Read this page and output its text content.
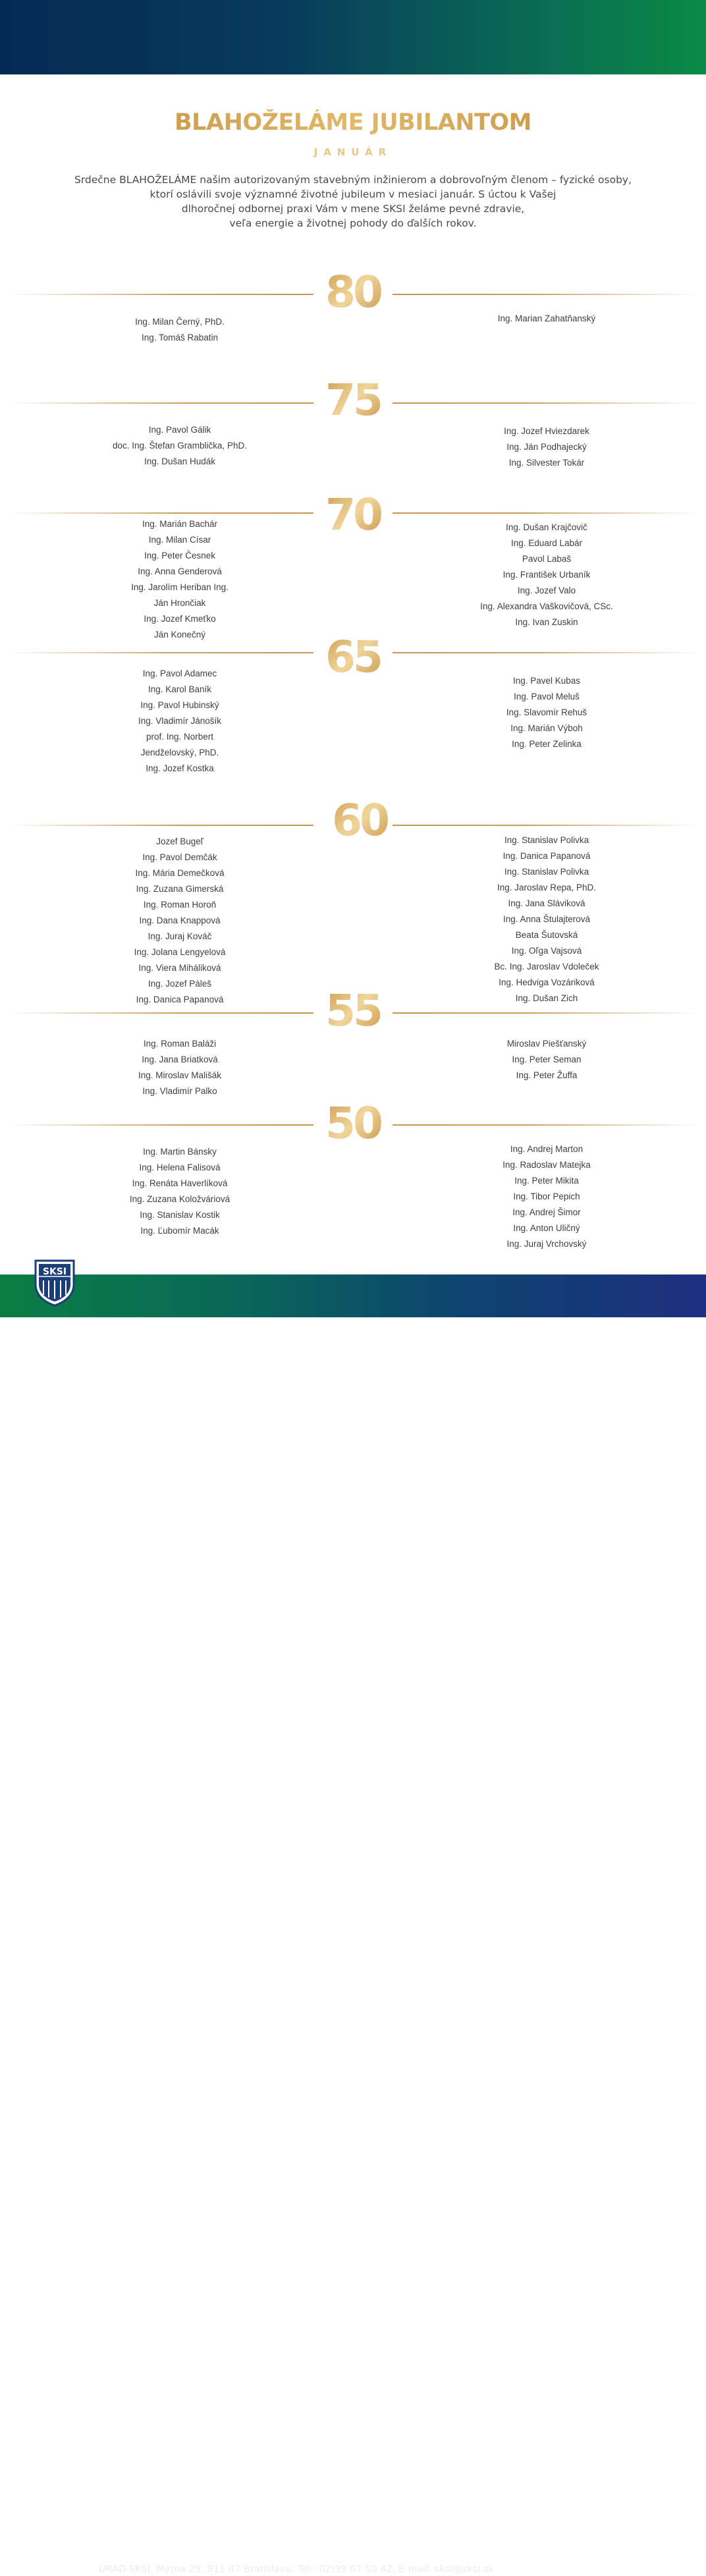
BLAHOŽELÁME JUBILANTOM
JANUÁR
Srdečne BLAHOŽELÁME našim autorizovaným stavebným inžinierom a dobrovoľným členom – fyzické osoby,
ktorí oslávili svoje významné životné jubileum v mesiaci január. S úctou k Vašej
dlhoročnej odbornej praxi Vám v mene SKSI želáme pevné zdravie,
veľa energie a životnej pohody do ďalších rokov.
80
Ing. Milan Černý, PhD.
Ing. Tomáš Rabatin
Ing. Marian Zahatňanský
75
Ing. Pavol Gálik
doc. Ing. Štefan Gramblička, PhD.
Ing. Dušan Hudák
Ing. Jozef Hviezdarek
Ing. Ján Podhajecký
Ing. Silvester Tokár
70
Ing. Marián Bachár
Ing. Milan Císar
Ing. Peter Česnek
Ing. Anna Genderová
Ing. Jarolím Heriban Ing.
Ján Hrončiak
Ing. Jozef Kmeťko
Ján Konečný
Ing. Dušan Krajčovič
Ing. Eduard Labár
Pavol Labaš
Ing. František Urbaník
Ing. Jozef Valo
Ing. Alexandra Vaškovičová, CSc.
Ing. Ivan Zuskin
65
Ing. Pavol Adamec
Ing. Karol Baník
Ing. Pavol Hubinský
Ing. Vladimír Jánošík
prof. Ing. Norbert
Jendželovský, PhD.
Ing. Jozef Kostka
Ing. Pavel Kubas
Ing. Pavol Meluš
Ing. Slavomír Rehuš
Ing. Marián Výboh
Ing. Peter Zelinka
60
Jozef Bugeľ
Ing. Pavol Demčák
Ing. Mária Demečková
Ing. Zuzana Gimerská
Ing. Roman Horoň
Ing. Dana Knappová
Ing. Juraj Kováč
Ing. Jolana Lengyelová
Ing. Viera Miháliková
Ing. Jozef Páleš
Ing. Danica Papanová
Ing. Stanislav Polivka
Ing. Danica Papanová
Ing. Stanislav Polivka
Ing. Jaroslav Repa, PhD.
Ing. Jana Sláviková
Ing. Anna Štulajterová
Beata Šutovská
Ing. Oľga Vajsová
Bc. Ing. Jaroslav Vdoleček
Ing. Hedviga Vozáriková
Ing. Dušan Zich
55
Ing. Roman Baláži
Ing. Jana Briatková
Ing. Miroslav Mališák
Ing. Vladimír Palko
Miroslav Piešťanský
Ing. Peter Seman
Ing. Peter Žuffa
50
Ing. Martin Bánsky
Ing. Helena Falisová
Ing. Renáta Haverlíková
Ing. Zuzana Koložváriová
Ing. Stanislav Kostik
Ing. Ľubomír Macák
Ing. Andrej Marton
Ing. Radoslav Matejka
Ing. Peter Mikita
Ing. Tibor Pepich
Ing. Andrej Šimor
Ing. Anton Uličný
Ing. Juraj Vrchovský
ÚRAD SKSI, Mýtna 29, 811 07 Bratislava, Tel.: 02/39 07 50 42, E-mail: sksi@sksi.sk	www.sksi.sk
SKSI
